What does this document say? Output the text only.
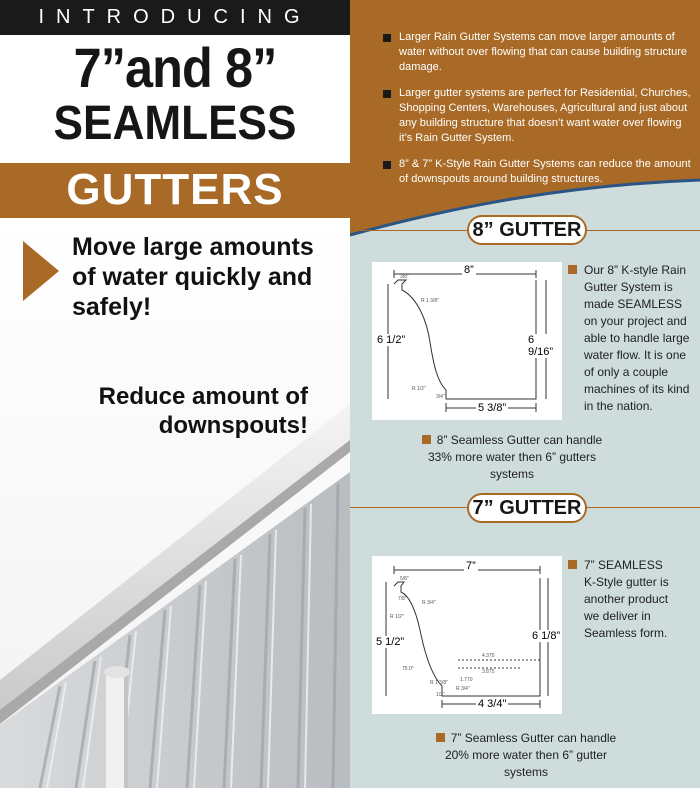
INTRODUCING
7”and 8”
SEAMLESS
GUTTERS
Move large amounts of water quickly and safely!
Reduce amount of downspouts!
Larger Rain Gutter Systems can move larger amounts of water without over flowing that can cause building structure damage.
Larger gutter systems are perfect for Residential, Churches, Shopping Centers, Warehouses, Agricultural and just about any building structure that doesn’t want water over flowing it’s Rain Gutter System.
8” & 7” K-Style Rain Gutter Systems can reduce the amount of downspouts around building structures.
8” GUTTER
8”
6 1/2”	6 9/16”
5 3/8”
3/8"
R 1 3/8"
R 1/2"
3/4"
Our 8” K-style Rain Gutter System is made SEAMLESS on your project and able to handle large water flow. It is one of only a couple machines of its kind in the nation.
8” Seamless Gutter can handle 33% more water then 6” gutters systems
7” GUTTER
7”
5 1/2”	6 1/8”
4 3/4"
5/8"
7/8"
R 3/4"
R 1/2"
75.0°
R 1 3/8"
R 3/4"
4.375
3.875
1.770
1/2"
7” SEAMLESS K-Style gutter is another product we deliver in Seamless form.
7” Seamless Gutter can handle 20% more water then 6” gutter systems
